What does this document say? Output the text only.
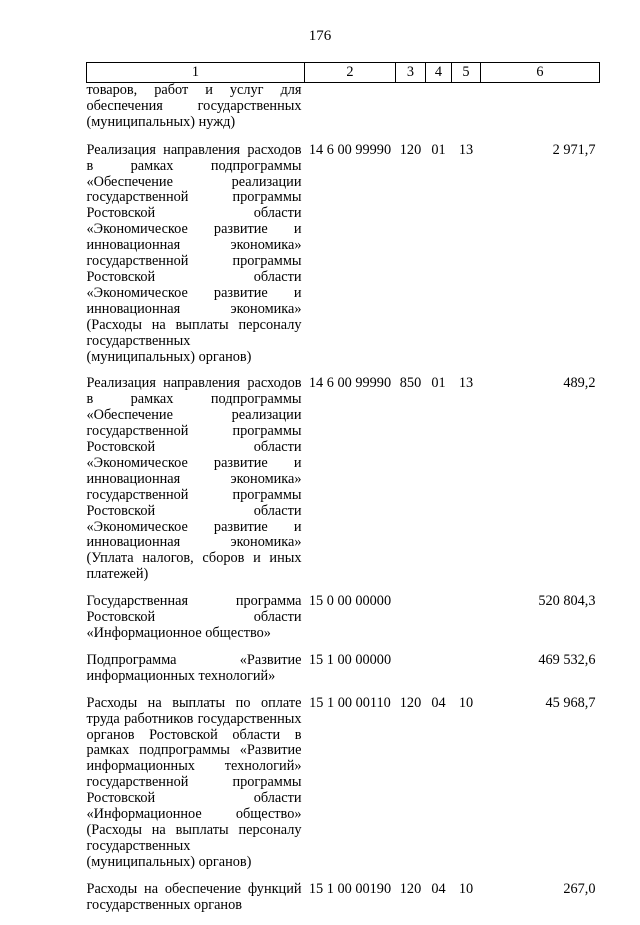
176
1	2	3	4	5	6
товаров, работ и услуг для обеспечения государственных (муниципальных) нужд)					
Реализация направления расходов в рамках подпрограммы «Обеспечение реализации государственной программы Ростовской области «Экономическое развитие и инновационная экономика» государственной программы Ростовской области «Экономическое развитие и инновационная экономика» (Расходы на выплаты персоналу государственных (муниципальных) органов)	14 6 00 99990	120	01	13	2 971,7
Реализация направления расходов в рамках подпрограммы «Обеспечение реализации государственной программы Ростовской области «Экономическое развитие и инновационная экономика» государственной программы Ростовской области «Экономическое развитие и инновационная экономика» (Уплата налогов, сборов и иных платежей)	14 6 00 99990	850	01	13	489,2
Государственная программа Ростовской области «Информационное общество»	15 0 00 00000				520 804,3
Подпрограмма «Развитие информационных технологий»	15 1 00 00000				469 532,6
Расходы на выплаты по оплате труда работников государственных органов Ростовской области в рамках подпрограммы «Развитие информационных технологий» государственной программы Ростовской области «Информационное общество» (Расходы на выплаты персоналу государственных (муниципальных) органов)	15 1 00 00110	120	04	10	45 968,7
Расходы на обеспечение функций государственных органов	15 1 00 00190	120	04	10	267,0
